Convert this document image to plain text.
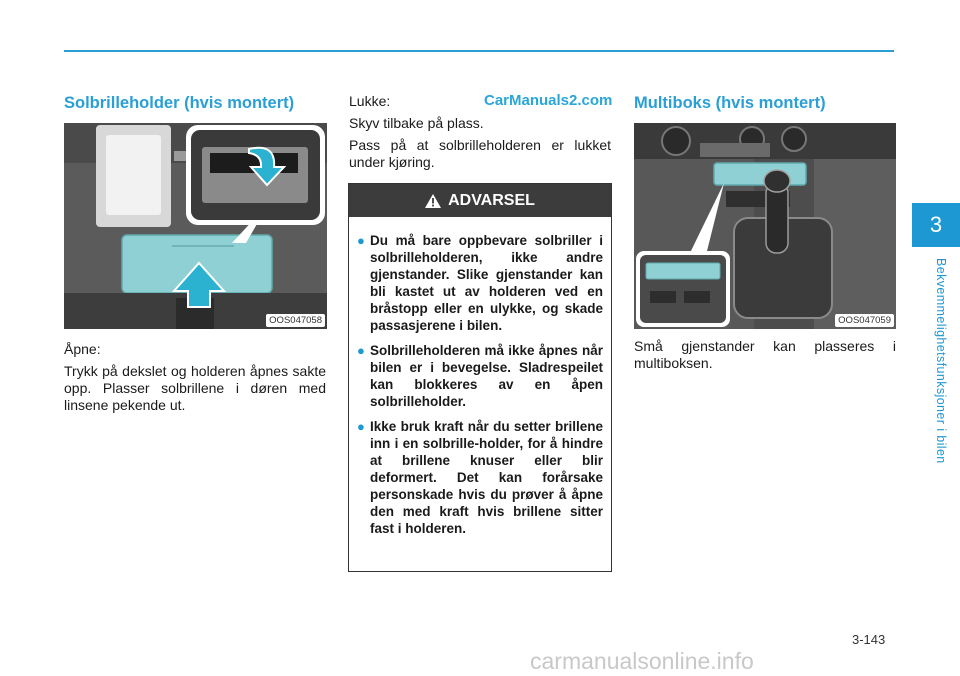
3
Bekvemmelighetsfunksjoner i bilen
Solbrilleholder (hvis montert)
OOS047058

Åpne:

Trykk på dekslet og holderen åpnes sakte opp. Plasser solbrillene i døren med linsene pekende ut.

Lukke:

Skyv tilbake på plass.

Pass på at solbrilleholderen er lukket under kjøring.

CarManuals2.com
ADVARSEL
● Du må bare oppbevare solbriller i solbrilleholderen, ikke andre gjenstander. Slike gjenstander kan bli kastet ut av holderen ved en bråstopp eller en ulykke, og skade passasjerene i bilen.
● Solbrilleholderen må ikke åpnes når bilen er i bevegelse. Sladrespeilet kan blokkeres av en åpen solbrilleholder.
● Ikke bruk kraft når du setter brillene inn i en solbrille-holder, for å hindre at brillene knuser eller blir deformert. Det kan forårsake personskade hvis du prøver å åpne den med kraft hvis brillene sitter fast i holderen.
Multiboks (hvis montert)
OOS047059

Små gjenstander kan plasseres i multiboksen.

3-143
carmanualsonline.info
